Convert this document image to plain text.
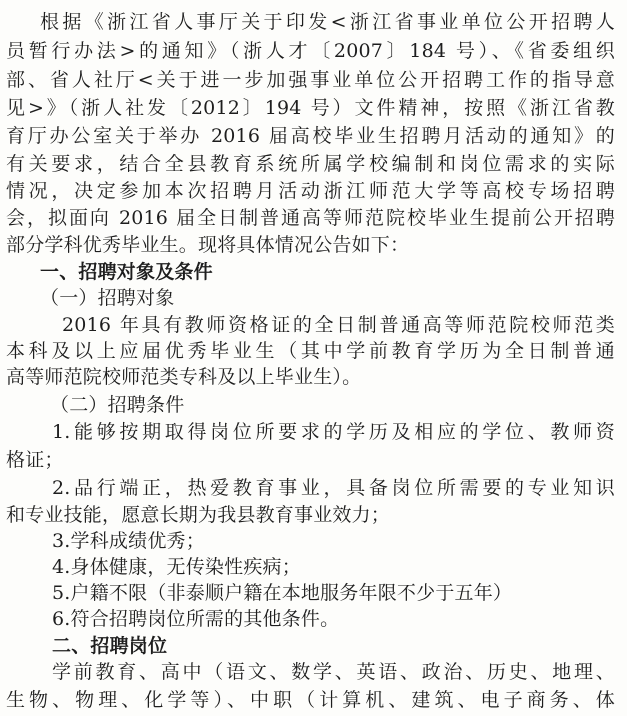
根据《浙江省人事厅关于印发<浙江省事业单位公开招聘人
员暂行办法>的通知》（浙人才〔2007〕184 号）、《省委组织
部、省人社厅<关于进一步加强事业单位公开招聘工作的指导意
见>》（浙人社发〔2012〕194 号）文件精神，按照《浙江省教
育厅办公室关于举办 2016 届高校毕业生招聘月活动的通知》的
有关要求，结合全县教育系统所属学校编制和岗位需求的实际
情况，决定参加本次招聘月活动浙江师范大学等高校专场招聘
会，拟面向 2016 届全日制普通高等师范院校毕业生提前公开招聘
部分学科优秀毕业生。现将具体情况公告如下：
一、招聘对象及条件
（一）招聘对象
2016 年具有教师资格证的全日制普通高等师范院校师范类
本科及以上应届优秀毕业生（其中学前教育学历为全日制普通
高等师范院校师范类专科及以上毕业生）。
（二）招聘条件
1.能够按期取得岗位所要求的学历及相应的学位、教师资
格证；
2.品行端正，热爱教育事业，具备岗位所需要的专业知识
和专业技能，愿意长期为我县教育事业效力；
3.学科成绩优秀；
4.身体健康，无传染性疾病；
5.户籍不限（非泰顺户籍在本地服务年限不少于五年）
6.符合招聘岗位所需的其他条件。
二、招聘岗位
学前教育、高中（语文、数学、英语、政治、历史、地理、
生物、物理、化学等）、中职（计算机、建筑、电子商务、体
